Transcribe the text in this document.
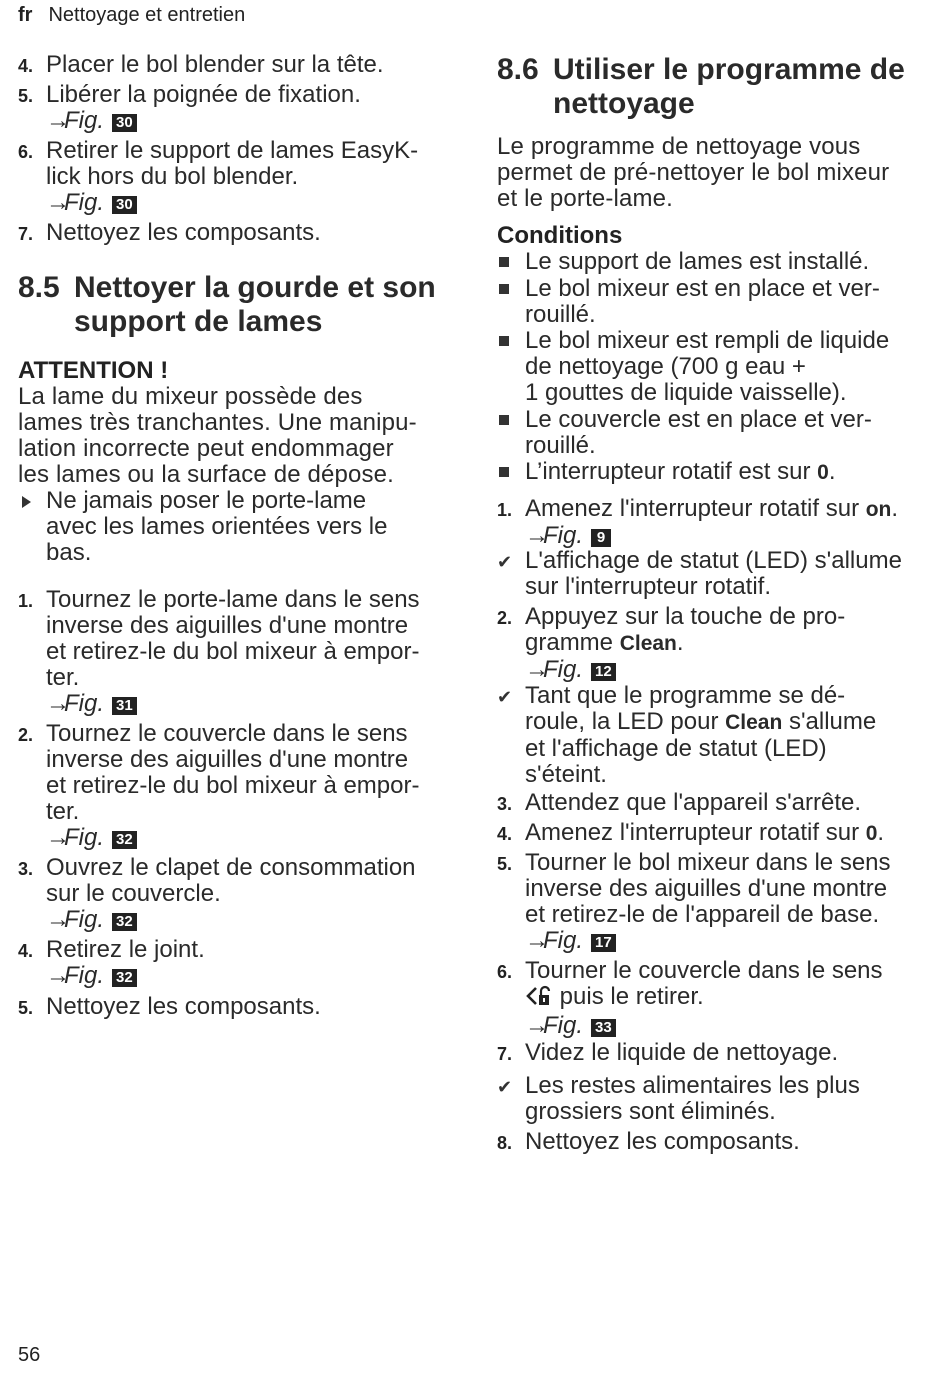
fr Nettoyage et entretien
4. Placer le bol blender sur la tête.
5. Libérer la poignée de fixation.
→Fig. 30
6. Retirer le support de lames EasyK-
lick hors du bol blender.
→Fig. 30
7. Nettoyez les composants.
8.5 Nettoyer la gourde et son
support de lames
ATTENTION !
La lame du mixeur possède des
lames très tranchantes. Une manipu-
lation incorrecte peut endommager
les lames ou la surface de dépose.
Ne jamais poser le porte-lame
avec les lames orientées vers le
bas.
1. Tournez le porte-lame dans le sens
inverse des aiguilles d'une montre
et retirez-le du bol mixeur à empor-
ter.
→Fig. 31
2. Tournez le couvercle dans le sens
inverse des aiguilles d'une montre
et retirez-le du bol mixeur à empor-
ter.
→Fig. 32
3. Ouvrez le clapet de consommation
sur le couvercle.
→Fig. 32
4. Retirez le joint.
→Fig. 32
5. Nettoyez les composants.
8.6 Utiliser le programme de
nettoyage
Le programme de nettoyage vous
permet de pré-nettoyer le bol mixeur
et le porte-lame.
Conditions
Le support de lames est installé.
Le bol mixeur est en place et ver-
rouillé.
Le bol mixeur est rempli de liquide
de nettoyage (700 g eau +
1 gouttes de liquide vaisselle).
Le couvercle est en place et ver-
rouillé.
L’interrupteur rotatif est sur 0.
1. Amenez l'interrupteur rotatif sur on.
→Fig. 9
✔ L'affichage de statut (LED) s'allume
sur l'interrupteur rotatif.
2. Appuyez sur la touche de pro-
gramme Clean.
→Fig. 12
✔ Tant que le programme se dé-
roule, la LED pour Clean s'allume
et l'affichage de statut (LED)
s'éteint.
3. Attendez que l'appareil s'arrête.
4. Amenez l'interrupteur rotatif sur 0.
5. Tourner le bol mixeur dans le sens
inverse des aiguilles d'une montre
et retirez-le de l'appareil de base.
→Fig. 17
6. Tourner le couvercle dans le sens
puis le retirer.
→Fig. 33
7. Videz le liquide de nettoyage.
✔ Les restes alimentaires les plus
grossiers sont éliminés.
8. Nettoyez les composants.
56
